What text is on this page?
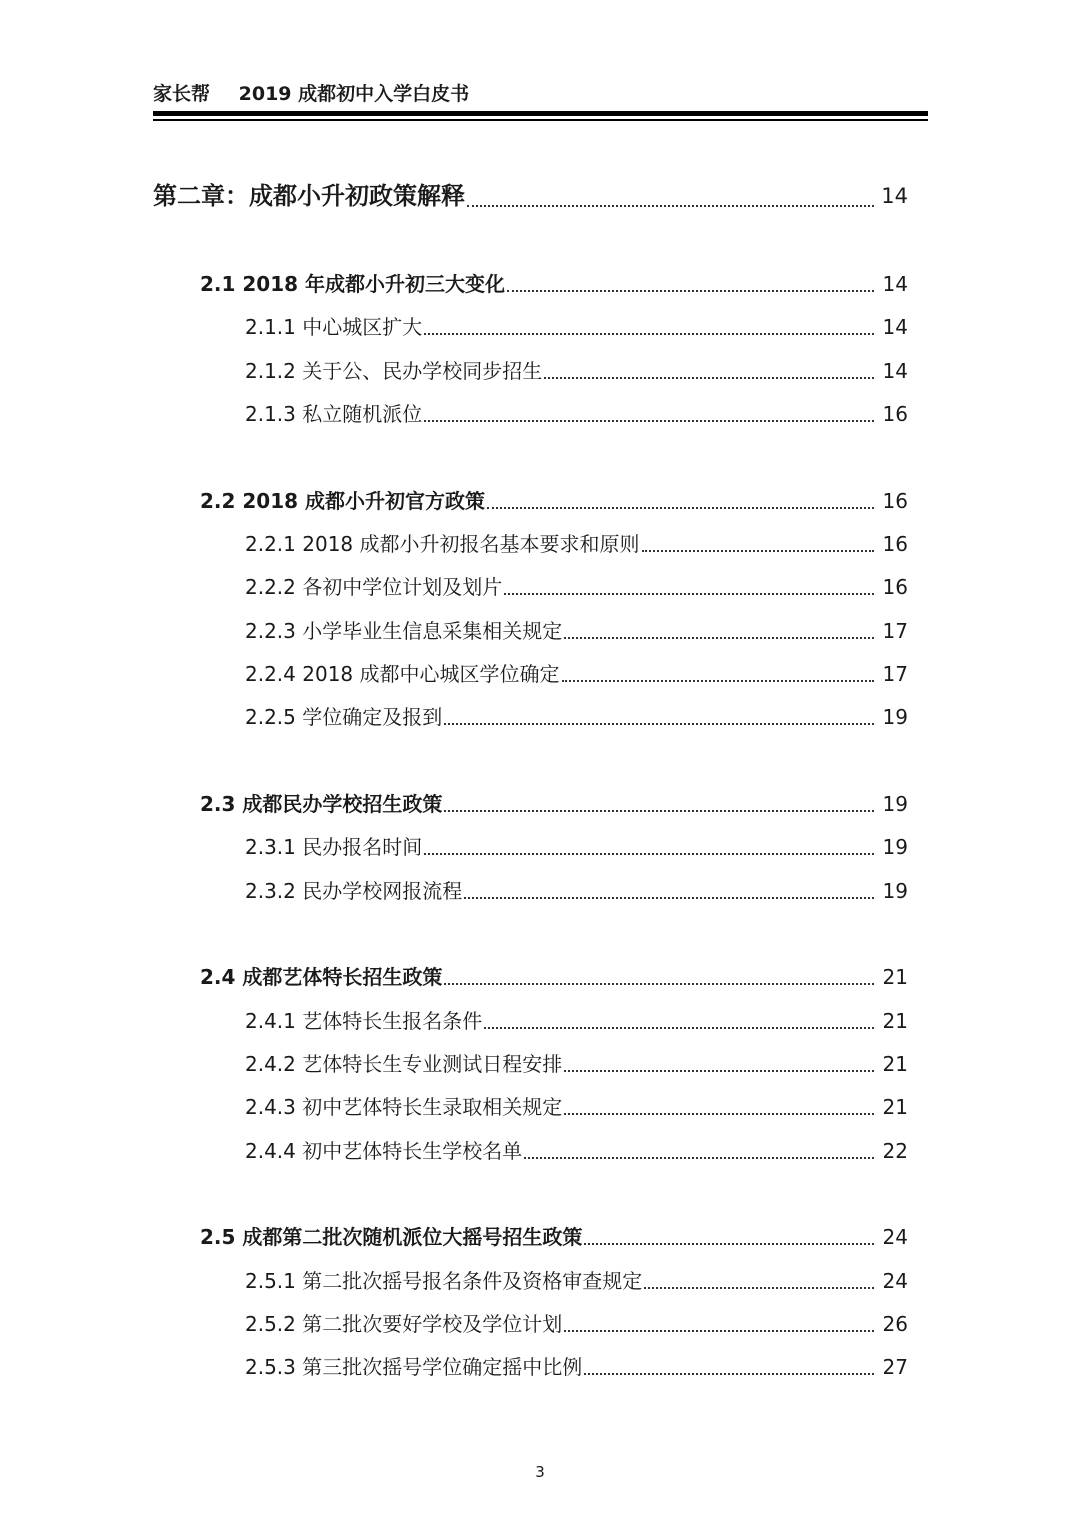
家长帮 2019 成都初中入学白皮书
第二章：成都小升初政策解释	14
2.1 2018 年成都小升初三大变化	14
2.1.1 中心城区扩大	14
2.1.2 关于公、民办学校同步招生	14
2.1.3 私立随机派位	16
2.2 2018 成都小升初官方政策	16
2.2.1 2018 成都小升初报名基本要求和原则	16
2.2.2 各初中学位计划及划片	16
2.2.3 小学毕业生信息采集相关规定	17
2.2.4 2018 成都中心城区学位确定	17
2.2.5 学位确定及报到	19
2.3 成都民办学校招生政策	19
2.3.1 民办报名时间	19
2.3.2 民办学校网报流程	19
2.4 成都艺体特长招生政策	21
2.4.1 艺体特长生报名条件	21
2.4.2 艺体特长生专业测试日程安排	21
2.4.3 初中艺体特长生录取相关规定	21
2.4.4 初中艺体特长生学校名单	22
2.5 成都第二批次随机派位大摇号招生政策	24
2.5.1 第二批次摇号报名条件及资格审查规定	24
2.5.2 第二批次要好学校及学位计划	26
2.5.3 第三批次摇号学位确定摇中比例	27
3
